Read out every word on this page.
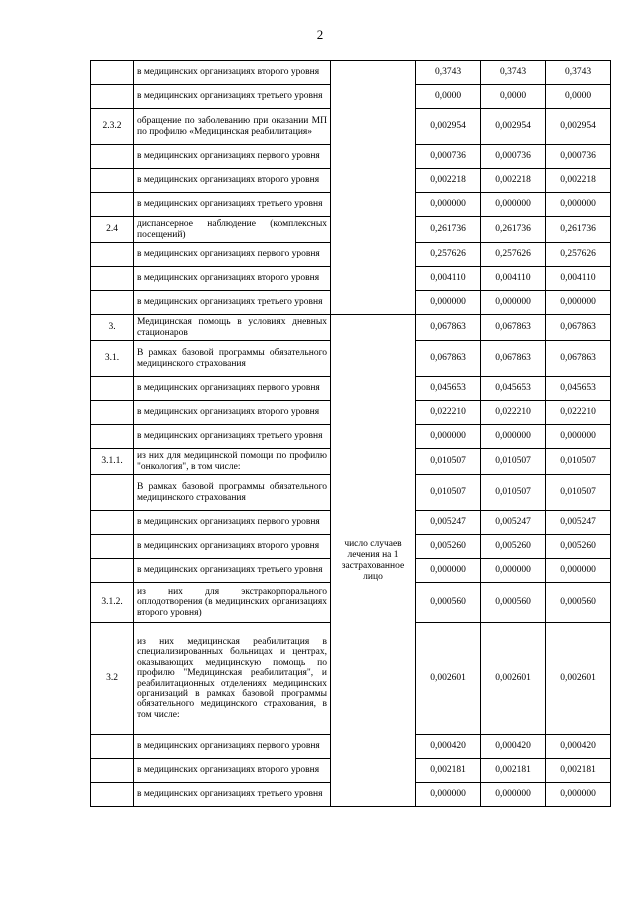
2
	в медицинских организациях второго уровня		0,3743	0,3743	0,3743
	в медицинских организациях третьего уровня		0,0000	0,0000	0,0000
2.3.2	обращение по заболеванию при оказании МП по профилю «Медицинская реабилитация»		0,002954	0,002954	0,002954
	в медицинских организациях первого уровня		0,000736	0,000736	0,000736
	в медицинских организациях второго уровня		0,002218	0,002218	0,002218
	в медицинских организациях третьего уровня		0,000000	0,000000	0,000000
2.4	диспансерное наблюдение (комплексных посещений)		0,261736	0,261736	0,261736
	в медицинских организациях первого уровня		0,257626	0,257626	0,257626
	в медицинских организациях второго уровня		0,004110	0,004110	0,004110
	в медицинских организациях третьего уровня		0,000000	0,000000	0,000000
3.	Медицинская помощь в условиях дневных стационаров	число случаев лечения на 1 застрахованное лицо	0,067863	0,067863	0,067863
3.1.	В рамках базовой программы обязательного медицинского страхования		0,067863	0,067863	0,067863
	в медицинских организациях первого уровня		0,045653	0,045653	0,045653
	в медицинских организациях второго уровня		0,022210	0,022210	0,022210
	в медицинских организациях третьего уровня		0,000000	0,000000	0,000000
3.1.1.	из них для медицинской помощи по профилю "онкология", в том числе:		0,010507	0,010507	0,010507
	В рамках базовой программы обязательного медицинского страхования		0,010507	0,010507	0,010507
	в медицинских организациях первого уровня		0,005247	0,005247	0,005247
	в медицинских организациях второго уровня		0,005260	0,005260	0,005260
	в медицинских организациях третьего уровня		0,000000	0,000000	0,000000
3.1.2.	из них для экстракорпорального оплодотворения (в медицинских организациях второго уровня)		0,000560	0,000560	0,000560
3.2	из них медицинская реабилитация в специализированных больницах и центрах, оказывающих медицинскую помощь по профилю "Медицинская реабилитация", и реабилитационных отделениях медицинских организаций в рамках базовой программы обязательного медицинского страхования, в том числе:		0,002601	0,002601	0,002601
	в медицинских организациях первого уровня		0,000420	0,000420	0,000420
	в медицинских организациях второго уровня		0,002181	0,002181	0,002181
	в медицинских организациях третьего уровня		0,000000	0,000000	0,000000
